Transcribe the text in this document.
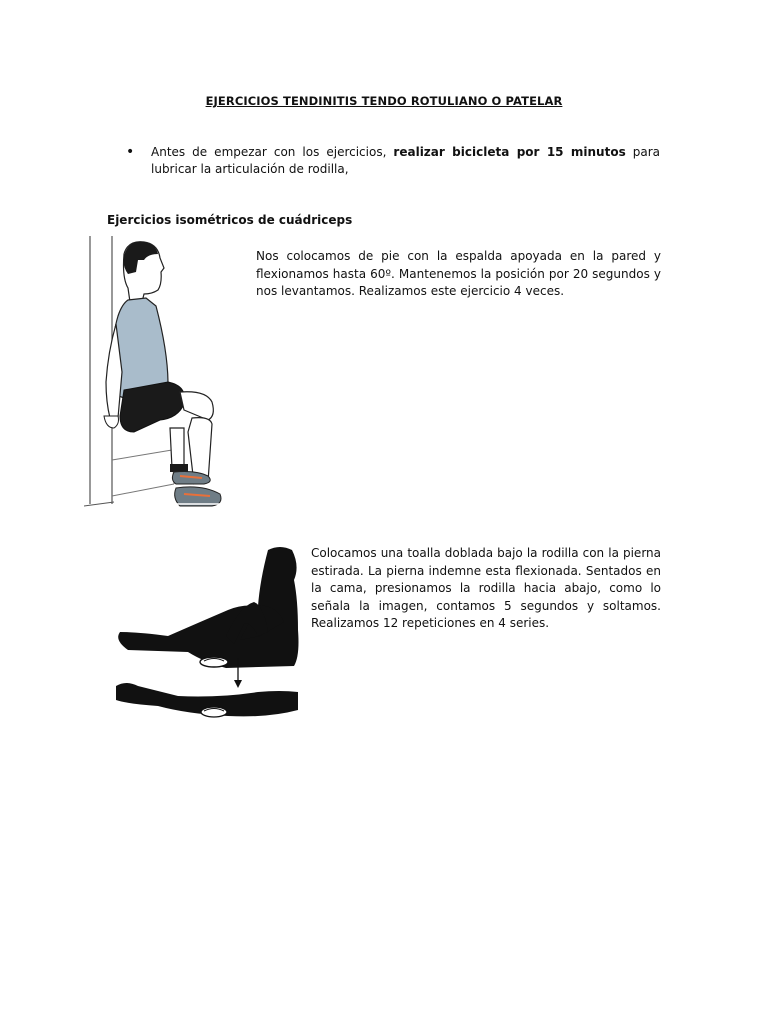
EJERCICIOS TENDINITIS TENDO ROTULIANO O PATELAR
• Antes de empezar con los ejercicios, realizar bicicleta por 15 minutos para lubricar la articulación de rodilla,
Ejercicios isométricos de cuádriceps
Nos colocamos de pie con la espalda apoyada en la pared y flexionamos hasta 60º. Mantenemos la posición por 20 segundos y nos levantamos. Realizamos este ejercicio 4 veces.
Colocamos una toalla doblada bajo la rodilla con la pierna estirada. La pierna indemne esta flexionada. Sentados en la cama, presionamos la rodilla hacia abajo, como lo señala la imagen, contamos 5 segundos y soltamos. Realizamos 12 repeticiones en 4 series.
